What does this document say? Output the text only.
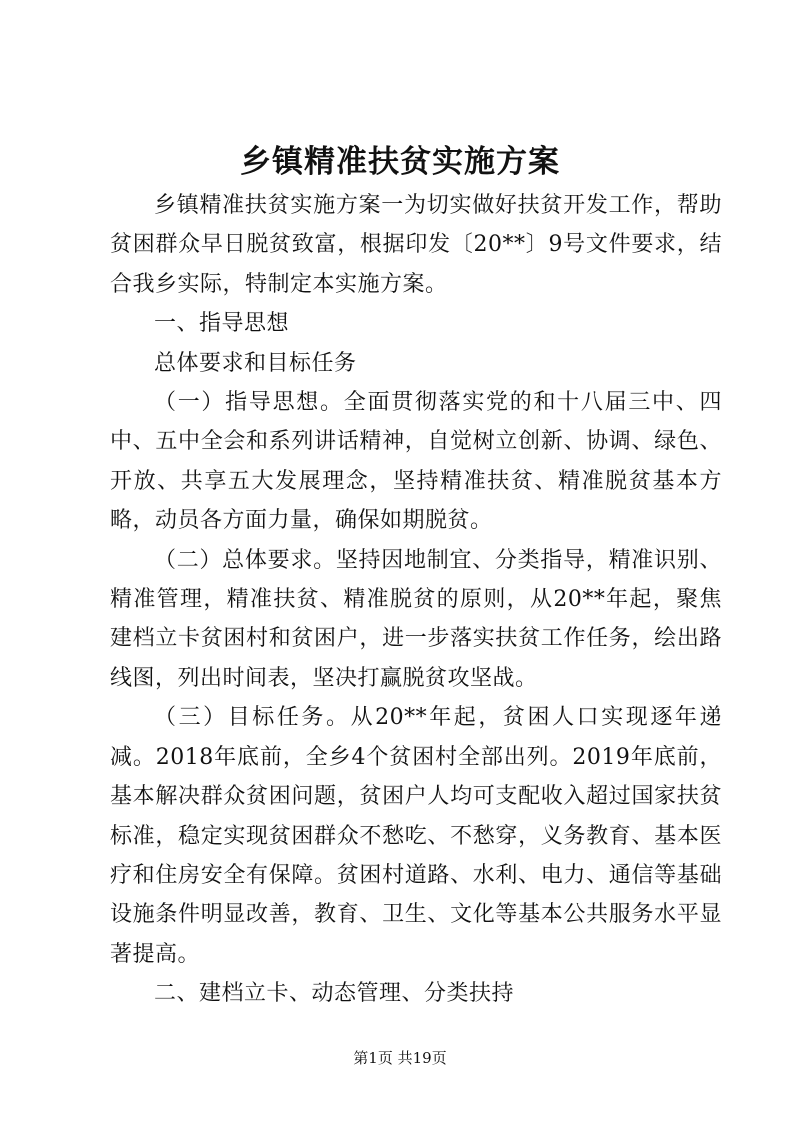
乡镇精准扶贫实施方案

乡镇精准扶贫实施方案一为切实做好扶贫开发工作，帮助贫困群众早日脱贫致富，根据印发〔20**〕9号文件要求，结合我乡实际，特制定本实施方案。

一、指导思想

总体要求和目标任务

（一）指导思想。全面贯彻落实党的和十八届三中、四中、五中全会和系列讲话精神，自觉树立创新、协调、绿色、开放、共享五大发展理念，坚持精准扶贫、精准脱贫基本方略，动员各方面力量，确保如期脱贫。

（二）总体要求。坚持因地制宜、分类指导，精准识别、精准管理，精准扶贫、精准脱贫的原则，从20**年起，聚焦建档立卡贫困村和贫困户，进一步落实扶贫工作任务，绘出路线图，列出时间表，坚决打赢脱贫攻坚战。

（三）目标任务。从20**年起，贫困人口实现逐年递减。2018年底前，全乡4个贫困村全部出列。2019年底前，基本解决群众贫困问题，贫困户人均可支配收入超过国家扶贫标准，稳定实现贫困群众不愁吃、不愁穿，义务教育、基本医疗和住房安全有保障。贫困村道路、水利、电力、通信等基础设施条件明显改善，教育、卫生、文化等基本公共服务水平显著提高。

二、建档立卡、动态管理、分类扶持

第1页 共19页
